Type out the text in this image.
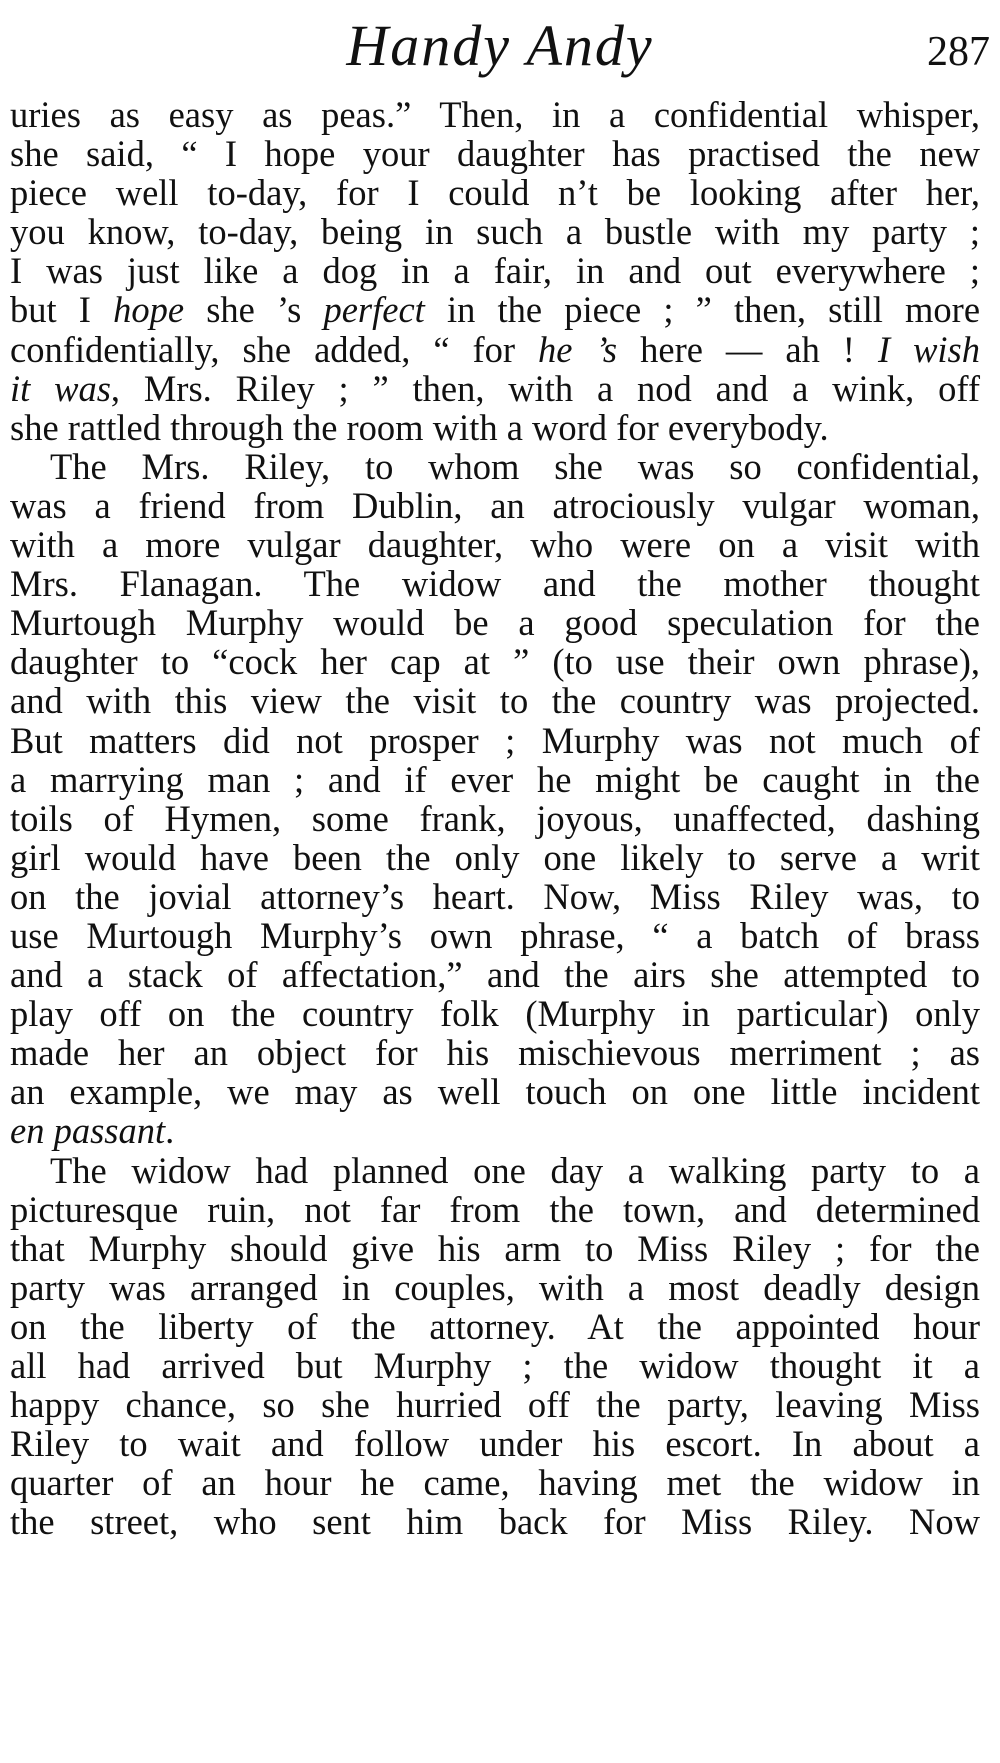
Handy Andy	287
uries as easy as peas.” Then, in a confidential whisper,
she said, “ I hope your daughter has practised the new
piece well to-day, for I could n’t be looking after her,
you know, to-day, being in such a bustle with my party ;
I was just like a dog in a fair, in and out everywhere ;
but I hope she ’s perfect in the piece ; ” then, still more
confidentially, she added, “ for he ’s here — ah ! I wish
it was, Mrs. Riley ; ” then, with a nod and a wink, off
she rattled through the room with a word for everybody.
The Mrs. Riley, to whom she was so confidential,
was a friend from Dublin, an atrociously vulgar woman,
with a more vulgar daughter, who were on a visit with
Mrs. Flanagan. The widow and the mother thought
Murtough Murphy would be a good speculation for the
daughter to “cock her cap at ” (to use their own phrase),
and with this view the visit to the country was projected.
But matters did not prosper ; Murphy was not much of
a marrying man ; and if ever he might be caught in the
toils of Hymen, some frank, joyous, unaffected, dashing
girl would have been the only one likely to serve a writ
on the jovial attorney’s heart. Now, Miss Riley was, to
use Murtough Murphy’s own phrase, “ a batch of brass
and a stack of affectation,” and the airs she attempted to
play off on the country folk (Murphy in particular) only
made her an object for his mischievous merriment ; as
an example, we may as well touch on one little incident
en passant.
The widow had planned one day a walking party to a
picturesque ruin, not far from the town, and determined
that Murphy should give his arm to Miss Riley ; for the
party was arranged in couples, with a most deadly design
on the liberty of the attorney. At the appointed hour
all had arrived but Murphy ; the widow thought it a
happy chance, so she hurried off the party, leaving Miss
Riley to wait and follow under his escort. In about a
quarter of an hour he came, having met the widow in
the street, who sent him back for Miss Riley. Now
